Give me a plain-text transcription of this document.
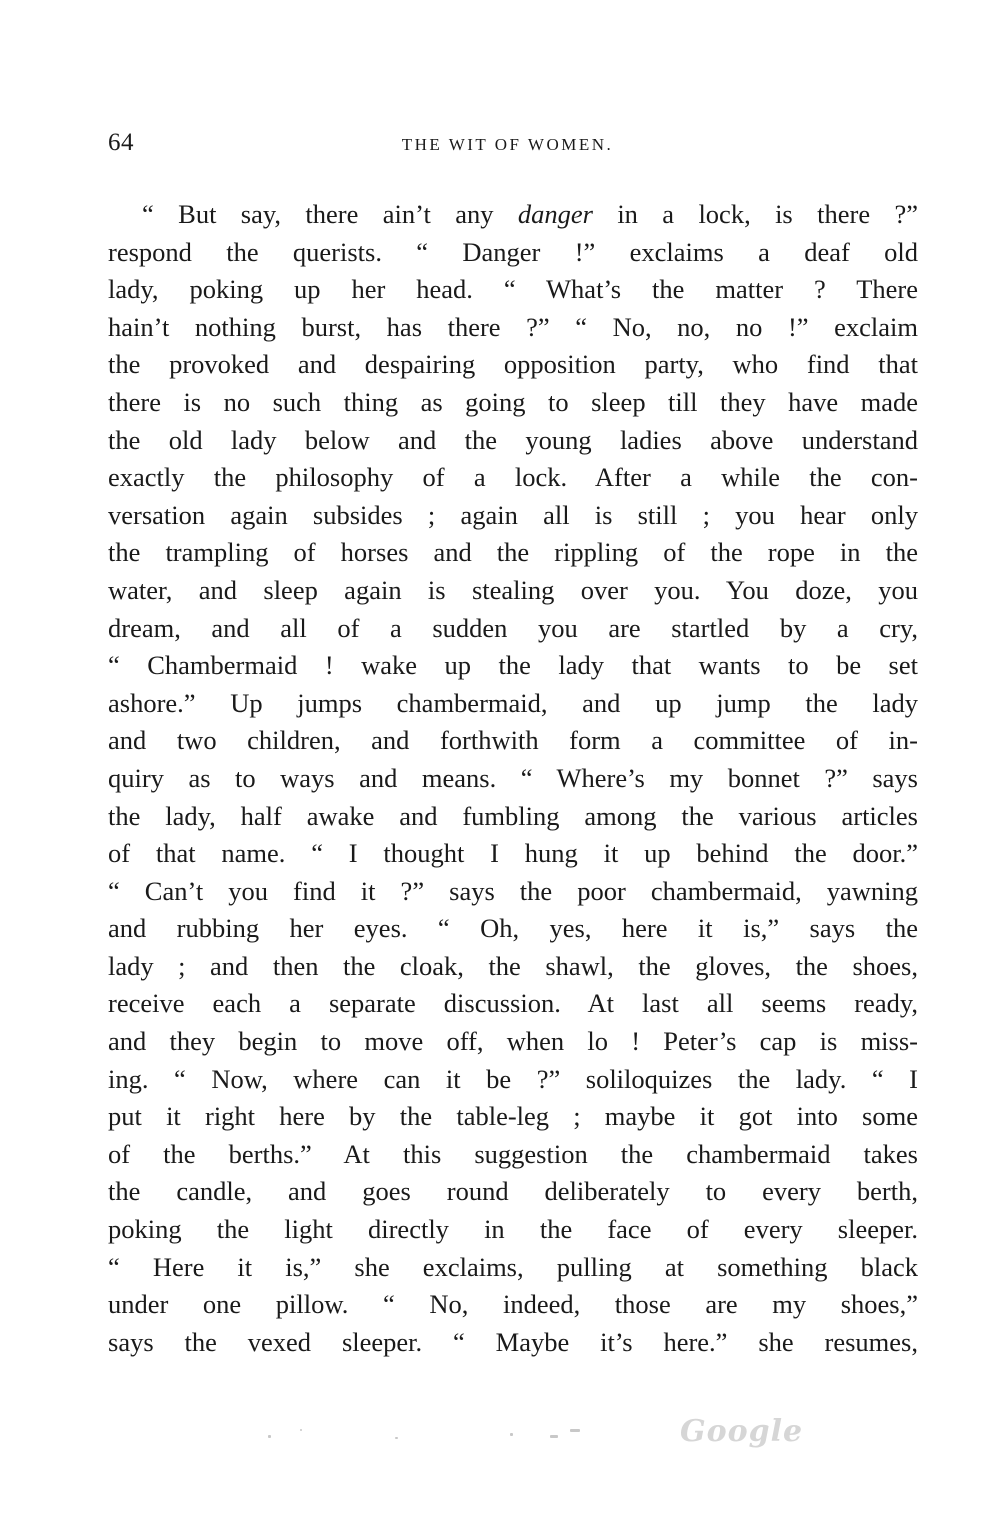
64	THE WIT OF WOMEN.
“ But say, there ain’t any danger in a lock, is there ?”
respond the querists. “ Danger !” exclaims a deaf old
lady, poking up her head. “ What’s the matter ? There
hain’t nothing burst, has there ?” “ No, no, no !” exclaim
the provoked and despairing opposition party, who find that
there is no such thing as going to sleep till they have made
the old lady below and the young ladies above understand
exactly the philosophy of a lock. After a while the con-
versation again subsides ; again all is still ; you hear only
the trampling of horses and the rippling of the rope in the
water, and sleep again is stealing over you. You doze, you
dream, and all of a sudden you are startled by a cry,
“ Chambermaid ! wake up the lady that wants to be set
ashore.” Up jumps chambermaid, and up jump the lady
and two children, and forthwith form a committee of in-
quiry as to ways and means. “ Where’s my bonnet ?” says
the lady, half awake and fumbling among the various articles
of that name. “ I thought I hung it up behind the door.”
“ Can’t you find it ?” says the poor chambermaid, yawning
and rubbing her eyes. “ Oh, yes, here it is,” says the
lady ; and then the cloak, the shawl, the gloves, the shoes,
receive each a separate discussion. At last all seems ready,
and they begin to move off, when lo ! Peter’s cap is miss-
ing. “ Now, where can it be ?” soliloquizes the lady. “ I
put it right here by the table-leg ; maybe it got into some
of the berths.” At this suggestion the chambermaid takes
the candle, and goes round deliberately to every berth,
poking the light directly in the face of every sleeper.
“ Here it is,” she exclaims, pulling at something black
under one pillow. “ No, indeed, those are my shoes,”
says the vexed sleeper. “ Maybe it’s here.” she resumes,
Google
